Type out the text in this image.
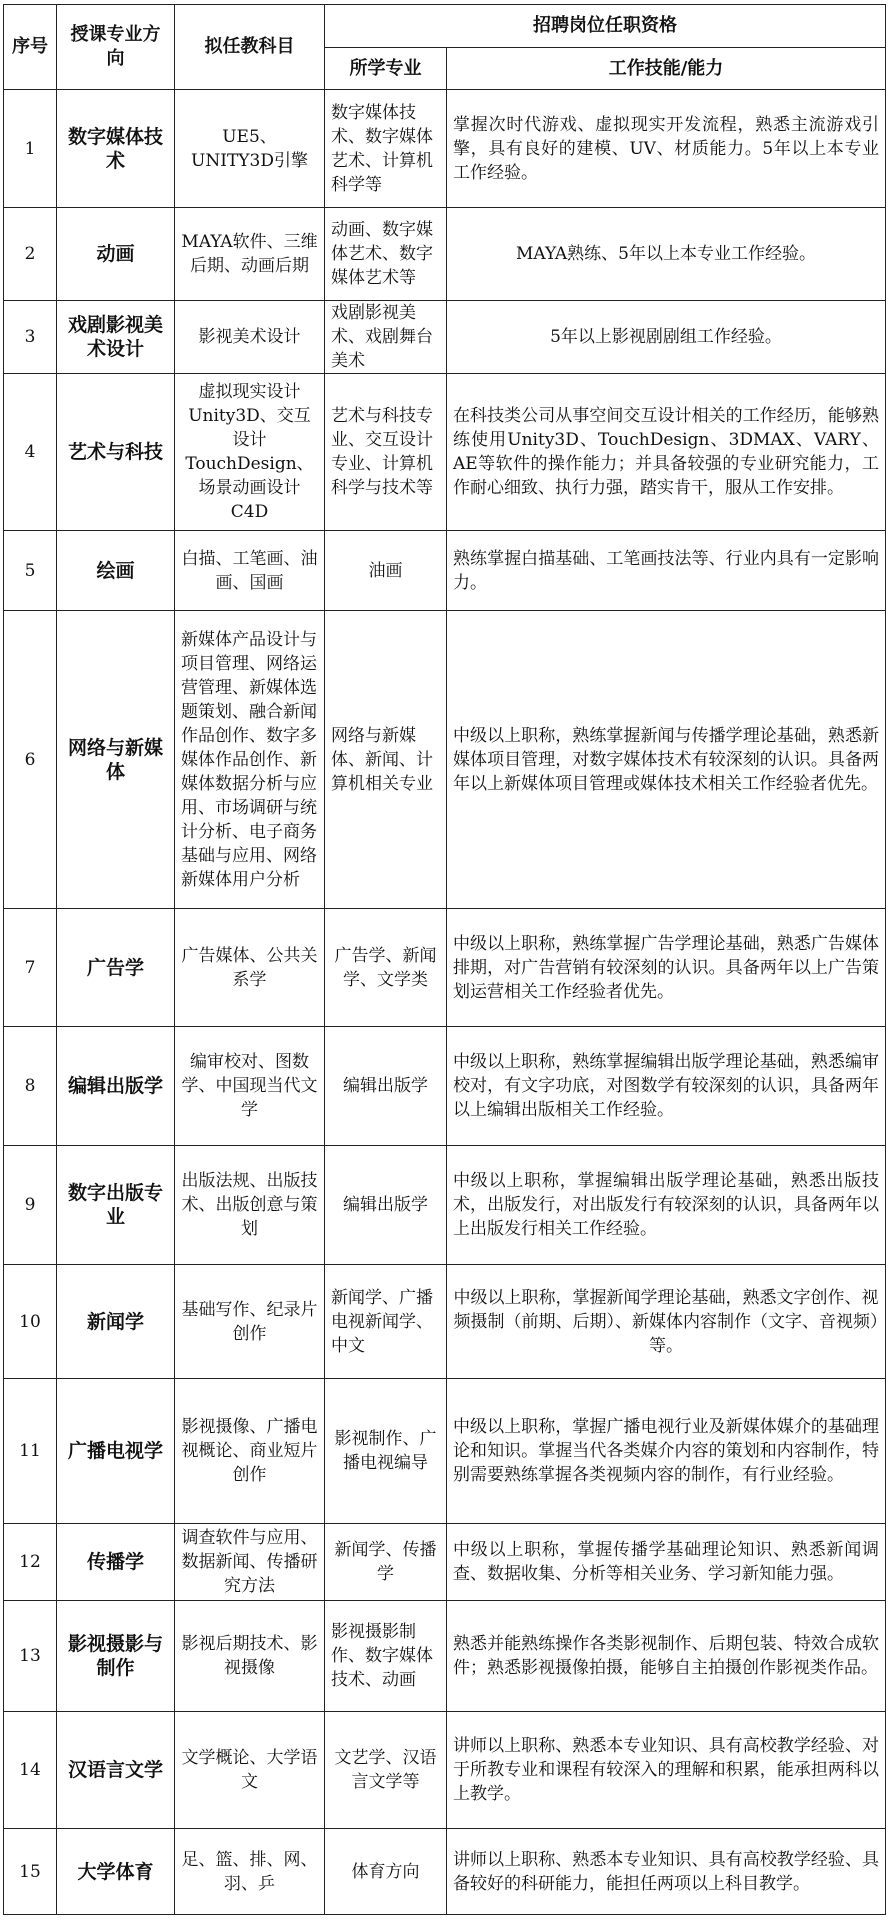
序号	授课专业方向	拟任教科目	招聘岗位任职资格	
			所学专业	工作技能/能力
1	数字媒体技术	UE5、UNITY3D引擎	数字媒体技术、数字媒体艺术、计算机科学等	掌握次时代游戏、虚拟现实开发流程，熟悉主流游戏引擎，具有良好的建模、UV、材质能力。5年以上本专业工作经验。
2	动画	MAYA软件、三维后期、动画后期	动画、数字媒体艺术、数字媒体艺术等	MAYA熟练、5年以上本专业工作经验。
3	戏剧影视美术设计	影视美术设计	戏剧影视美术、戏剧舞台美术	5年以上影视剧剧组工作经验。
4	艺术与科技	虚拟现实设计Unity3D、交互设计TouchDesign、场景动画设计C4D	艺术与科技专业、交互设计专业、计算机科学与技术等	在科技类公司从事空间交互设计相关的工作经历，能够熟练使用Unity3D、TouchDesign、3DMAX、VARY、AE等软件的操作能力；并具备较强的专业研究能力，工作耐心细致、执行力强，踏实肯干，服从工作安排。
5	绘画	白描、工笔画、油画、国画	油画	熟练掌握白描基础、工笔画技法等、行业内具有一定影响力。
6	网络与新媒体	新媒体产品设计与项目管理、网络运营管理、新媒体选题策划、融合新闻作品创作、数字多媒体作品创作、新媒体数据分析与应用、市场调研与统计分析、电子商务基础与应用、网络新媒体用户分析	网络与新媒体、新闻、计算机相关专业	中级以上职称，熟练掌握新闻与传播学理论基础，熟悉新媒体项目管理，对数字媒体技术有较深刻的认识。具备两年以上新媒体项目管理或媒体技术相关工作经验者优先。
7	广告学	广告媒体、公共关系学	广告学、新闻学、文学类	中级以上职称，熟练掌握广告学理论基础，熟悉广告媒体排期，对广告营销有较深刻的认识。具备两年以上广告策划运营相关工作经验者优先。
8	编辑出版学	编审校对、图数学、中国现当代文学	编辑出版学	中级以上职称，熟练掌握编辑出版学理论基础，熟悉编审校对，有文字功底，对图数学有较深刻的认识，具备两年以上编辑出版相关工作经验。
9	数字出版专业	出版法规、出版技术、出版创意与策划	编辑出版学	中级以上职称，掌握编辑出版学理论基础，熟悉出版技术，出版发行，对出版发行有较深刻的认识，具备两年以上出版发行相关工作经验。
10	新闻学	基础写作、纪录片创作	新闻学、广播电视新闻学、中文	中级以上职称，掌握新闻学理论基础，熟悉文字创作、视频摄制（前期、后期）、新媒体内容制作（文字、音视频）等。
11	广播电视学	影视摄像、广播电视概论、商业短片创作	影视制作、广播电视编导	中级以上职称，掌握广播电视行业及新媒体媒介的基础理论和知识。掌握当代各类媒介内容的策划和内容制作，特别需要熟练掌握各类视频内容的制作，有行业经验。
12	传播学	调查软件与应用、数据新闻、传播研究方法	新闻学、传播学	中级以上职称，掌握传播学基础理论知识、熟悉新闻调查、数据收集、分析等相关业务、学习新知能力强。
13	影视摄影与制作	影视后期技术、影视摄像	影视摄影制作、数字媒体技术、动画	熟悉并能熟练操作各类影视制作、后期包装、特效合成软件；熟悉影视摄像拍摄，能够自主拍摄创作影视类作品。
14	汉语言文学	文学概论、大学语文	文艺学、汉语言文学等	讲师以上职称、熟悉本专业知识、具有高校教学经验、对于所教专业和课程有较深入的理解和积累，能承担两科以上教学。
15	大学体育	足、篮、排、网、羽、乒	体育方向	讲师以上职称、熟悉本专业知识、具有高校教学经验、具备较好的科研能力，能担任两项以上科目教学。
